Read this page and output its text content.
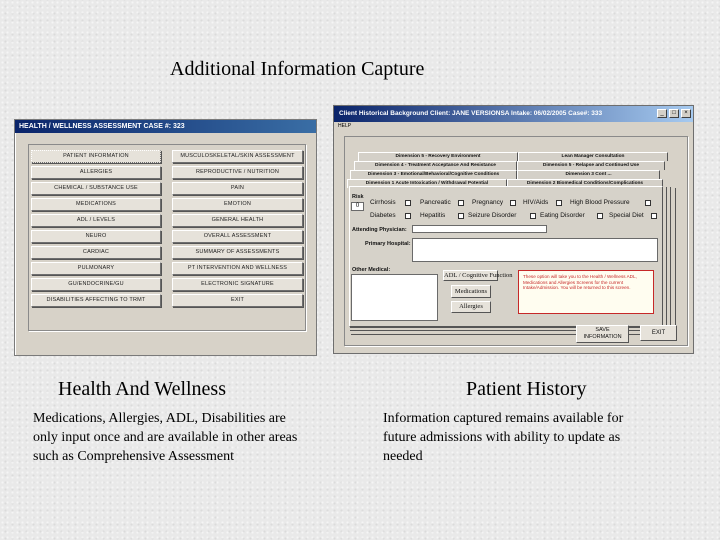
Additional Information Capture
HEALTH / WELLNESS ASSESSMENT CASE #: 323
PATIENT INFORMATION
ALLERGIES
CHEMICAL / SUBSTANCE USE
MEDICATIONS
ADL / LEVELS
NEURO
CARDIAC
PULMONARY
GU/ENDOCRINE/GU
DISABILITIES AFFECTING TO TRMT
MUSCULOSKELETAL/SKIN ASSESSMENT
REPRODUCTIVE / NUTRITION
PAIN
EMOTION
GENERAL HEALTH
OVERALL ASSESSMENT
SUMMARY OF ASSESSMENTS
PT INTERVENTION AND WELLNESS
ELECTRONIC SIGNATURE
EXIT
Client Historical Background Client: JANE VERSIONSA Intake: 06/02/2005 Case#: 333	_	□	×
HELP
Dimension 5 - Recovery Environment	Lean Manager Consultation
Dimension 4 - Treatment Acceptance And Resistance	Dimension 5 - Relapse and Continued Use
Dimension 3 - Emotional/Behavioral/Cognitive Conditions	Dimension 3 Cont ...
Dimension 1 Acute Intoxication / Withdrawal Potential	Dimension 2 Biomedical Conditions/Complications
Risk
0	Cirrhosis	Pancreatic	Pregnancy	HIV/Aids	High Blood Pressure
Diabetes	Hepatitis	Seizure Disorder	Eating Disorder	Special Diet
Attending Physician:
Primary Hospital:
Other Medical:
ADL / Cognitive Function
Medications
Allergies
These option will take you to the Health / Wellness ADL, Medications and Allergies Screens for the current Intake/Admission. You will be returned to this screen.
SAVE INFORMATION
EXIT
Health And Wellness
Medications, Allergies, ADL, Disabilities are
only input once and are available in other areas
such as Comprehensive Assessment
Patient History
Information captured remains available for
future admissions with ability to update as
needed
